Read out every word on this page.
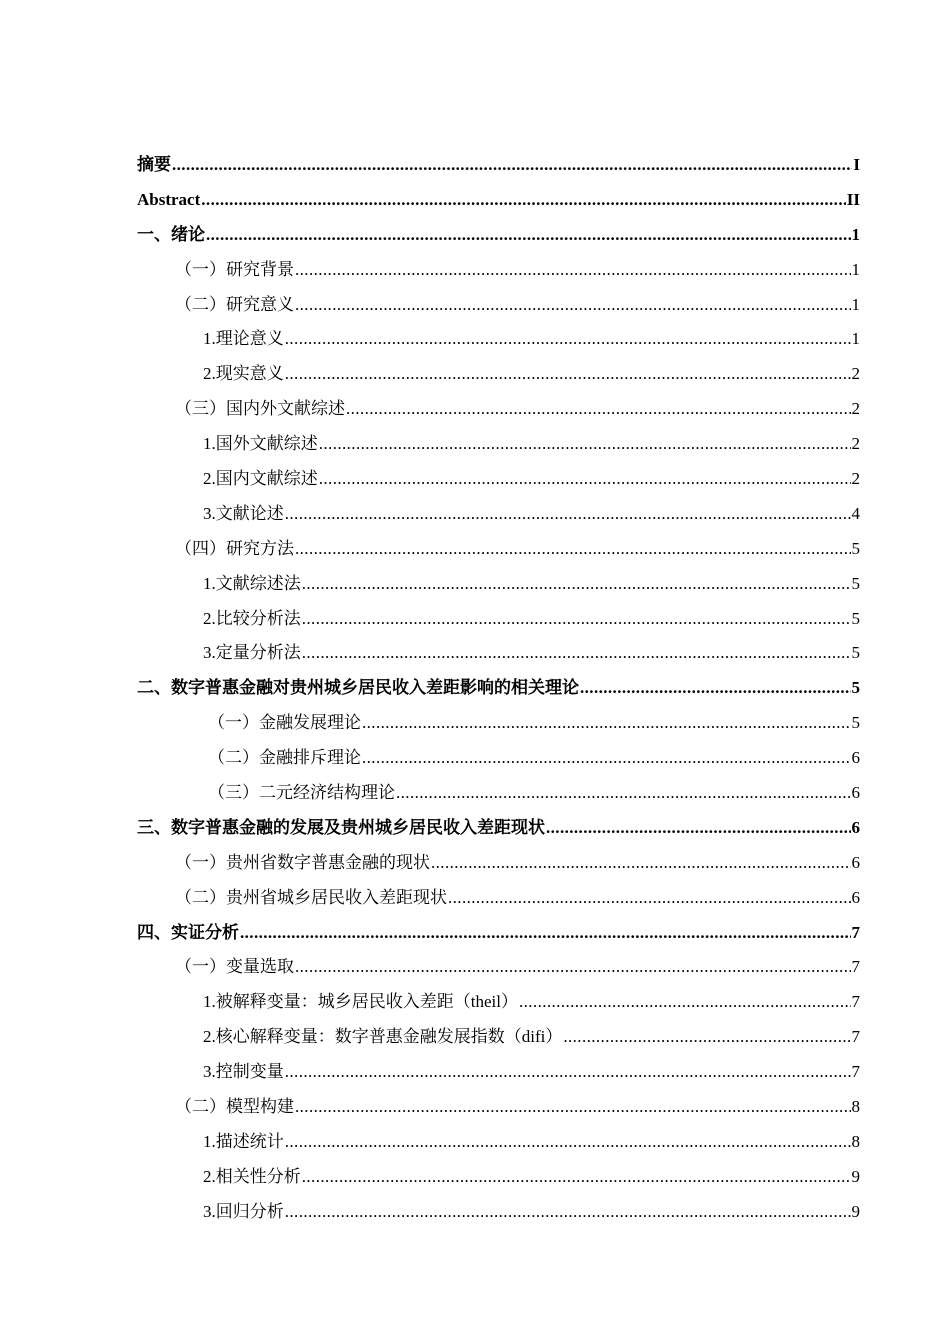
摘要 .....	I
Abstract .....	II
一、绪论 .....	1
（一）研究背景 .....	1
（二）研究意义 .....	1
1.理论意义 .....	1
2.现实意义 .....	2
（三）国内外文献综述 .....	2
1.国外文献综述 .....	2
2.国内文献综述 .....	2
3.文献论述 .....	4
（四）研究方法 .....	5
1.文献综述法 .....	5
2.比较分析法 .....	5
3.定量分析法 .....	5
二、数字普惠金融对贵州城乡居民收入差距影响的相关理论 .....	5
（一）金融发展理论 .....	5
（二）金融排斥理论 .....	6
（三）二元经济结构理论 .....	6
三、数字普惠金融的发展及贵州城乡居民收入差距现状 .....	6
（一）贵州省数字普惠金融的现状 .....	6
（二）贵州省城乡居民收入差距现状 .....	6
四、实证分析 .....	7
（一）变量选取 .....	7
1.被解释变量：城乡居民收入差距（theil） .....	7
2.核心解释变量：数字普惠金融发展指数（difi） .....	7
3.控制变量 .....	7
（二）模型构建 .....	8
1.描述统计 .....	8
2.相关性分析 .....	9
3.回归分析 .....	9
